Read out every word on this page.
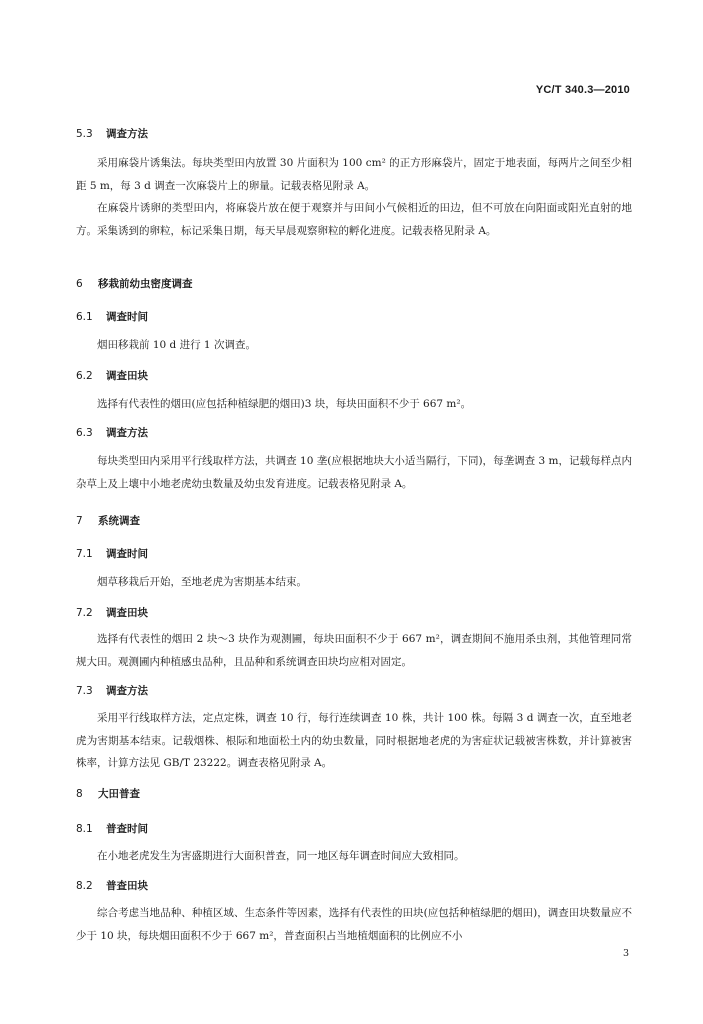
YC/T 340.3—2010
5.3 调查方法
采用麻袋片诱集法。每块类型田内放置 30 片面积为 100 cm² 的正方形麻袋片，固定于地表面，每两片之间至少相距 5 m，每 3 d 调查一次麻袋片上的卵量。记载表格见附录 A。
在麻袋片诱卵的类型田内，将麻袋片放在便于观察并与田间小气候相近的田边，但不可放在向阳面或阳光直射的地方。采集诱到的卵粒，标记采集日期，每天早晨观察卵粒的孵化进度。记载表格见附录 A。
6 移栽前幼虫密度调查
6.1 调查时间
烟田移栽前 10 d 进行 1 次调查。
6.2 调查田块
选择有代表性的烟田(应包括种植绿肥的烟田)3 块，每块田面积不少于 667 m²。
6.3 调查方法
每块类型田内采用平行线取样方法，共调查 10 垄(应根据地块大小适当隔行，下同)，每垄调查 3 m，记载每样点内杂草上及上壤中小地老虎幼虫数量及幼虫发育进度。记载表格见附录 A。
7 系统调查
7.1 调查时间
烟草移栽后开始，至地老虎为害期基本结束。
7.2 调查田块
选择有代表性的烟田 2 块～3 块作为观测圃，每块田面积不少于 667 m²，调查期间不施用杀虫剂，其他管理同常规大田。观测圃内种植感虫品种，且品种和系统调查田块均应相对固定。
7.3 调查方法
采用平行线取样方法，定点定株，调查 10 行，每行连续调查 10 株，共计 100 株。每隔 3 d 调查一次，直至地老虎为害期基本结束。记载烟株、根际和地面松土内的幼虫数量，同时根据地老虎的为害症状记载被害株数，并计算被害株率，计算方法见 GB/T 23222。调查表格见附录 A。
8 大田普查
8.1 普查时间
在小地老虎发生为害盛期进行大面积普查，同一地区每年调查时间应大致相同。
8.2 普查田块
综合考虑当地品种、种植区域、生态条件等因素，选择有代表性的田块(应包括种植绿肥的烟田)，调查田块数量应不少于 10 块，每块烟田面积不少于 667 m²，普查面积占当地植烟面积的比例应不小
3
